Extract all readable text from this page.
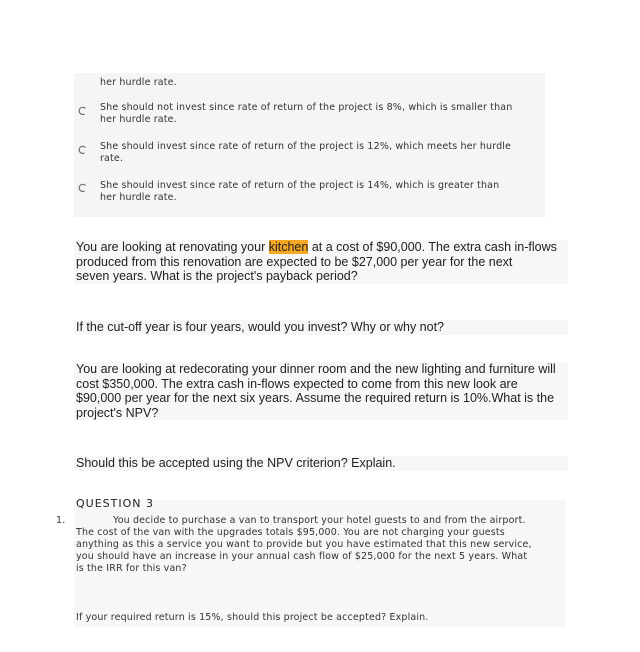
her hurdle rate.
She should not invest since rate of return of the project is 8%, which is smaller than
her hurdle rate.
She should invest since rate of return of the project is 12%, which meets her hurdle
rate.
She should invest since rate of return of the project is 14%, which is greater than
her hurdle rate.
You are looking at renovating your kitchen at a cost of $90,000. The extra cash in-flows
produced from this renovation are expected to be $27,000 per year for the next
seven years. What is the project's payback period?
If the cut-off year is four years, would you invest? Why or why not?
You are looking at redecorating your dinner room and the new lighting and furniture will
cost $350,000. The extra cash in-flows expected to come from this new look are
$90,000 per year for the next six years. Assume the required return is 10%.What is the
project's NPV?
Should this be accepted using the NPV criterion? Explain.
QUESTION 3
1.	You decide to purchase a van to transport your hotel guests to and from the airport.
The cost of the van with the upgrades totals $95,000. You are not charging your guests
anything as this a service you want to provide but you have estimated that this new service,
you should have an increase in your annual cash flow of $25,000 for the next 5 years. What
is the IRR for this van?
If your required return is 15%, should this project be accepted? Explain.
